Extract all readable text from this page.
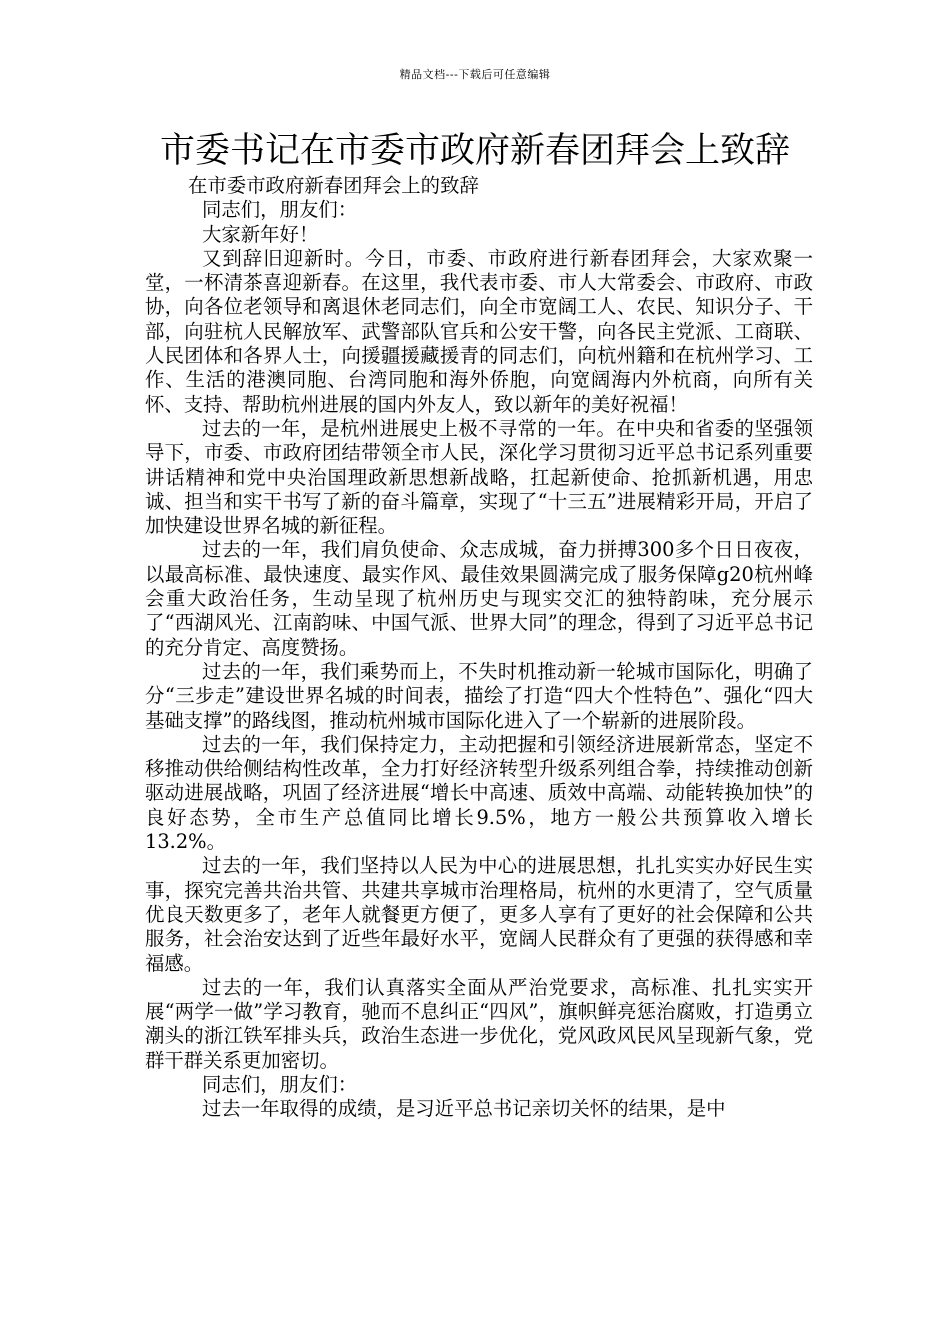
精品文档---下载后可任意编辑
市委书记在市委市政府新春团拜会上致辞

在市委市政府新春团拜会上的致辞

同志们，朋友们：

大家新年好！

又到辞旧迎新时。今日，市委、市政府进行新春团拜会，大家欢聚一堂，一杯清茶喜迎新春。在这里，我代表市委、市人大常委会、市政府、市政协，向各位老领导和离退休老同志们，向全市宽阔工人、农民、知识分子、干部，向驻杭人民解放军、武警部队官兵和公安干警，向各民主党派、工商联、人民团体和各界人士，向援疆援藏援青的同志们，向杭州籍和在杭州学习、工作、生活的港澳同胞、台湾同胞和海外侨胞，向宽阔海内外杭商，向所有关怀、支持、帮助杭州进展的国内外友人，致以新年的美好祝福！

过去的一年，是杭州进展史上极不寻常的一年。在中央和省委的坚强领导下，市委、市政府团结带领全市人民，深化学习贯彻习近平总书记系列重要讲话精神和党中央治国理政新思想新战略，扛起新使命、抢抓新机遇，用忠诚、担当和实干书写了新的奋斗篇章，实现了“十三五”进展精彩开局，开启了加快建设世界名城的新征程。

过去的一年，我们肩负使命、众志成城，奋力拼搏300多个日日夜夜，以最高标准、最快速度、最实作风、最佳效果圆满完成了服务保障g20杭州峰会重大政治任务，生动呈现了杭州历史与现实交汇的独特韵味，充分展示了“西湖风光、江南韵味、中国气派、世界大同”的理念，得到了习近平总书记的充分肯定、高度赞扬。

过去的一年，我们乘势而上，不失时机推动新一轮城市国际化，明确了分“三步走”建设世界名城的时间表，描绘了打造“四大个性特色”、强化“四大基础支撑”的路线图，推动杭州城市国际化进入了一个崭新的进展阶段。

过去的一年，我们保持定力，主动把握和引领经济进展新常态，坚定不移推动供给侧结构性改革，全力打好经济转型升级系列组合拳，持续推动创新驱动进展战略，巩固了经济进展“增长中高速、质效中高端、动能转换加快”的良好态势，全市生产总值同比增长9.5%，地方一般公共预算收入增长13.2%。

过去的一年，我们坚持以人民为中心的进展思想，扎扎实实办好民生实事，探究完善共治共管、共建共享城市治理格局，杭州的水更清了，空气质量优良天数更多了，老年人就餐更方便了，更多人享有了更好的社会保障和公共服务，社会治安达到了近些年最好水平，宽阔人民群众有了更强的获得感和幸福感。

过去的一年，我们认真落实全面从严治党要求，高标准、扎扎实实开展“两学一做”学习教育，驰而不息纠正“四风”，旗帜鲜亮惩治腐败，打造勇立潮头的浙江铁军排头兵，政治生态进一步优化，党风政风民风呈现新气象，党群干群关系更加密切。

同志们，朋友们：

过去一年取得的成绩，是习近平总书记亲切关怀的结果，是中
